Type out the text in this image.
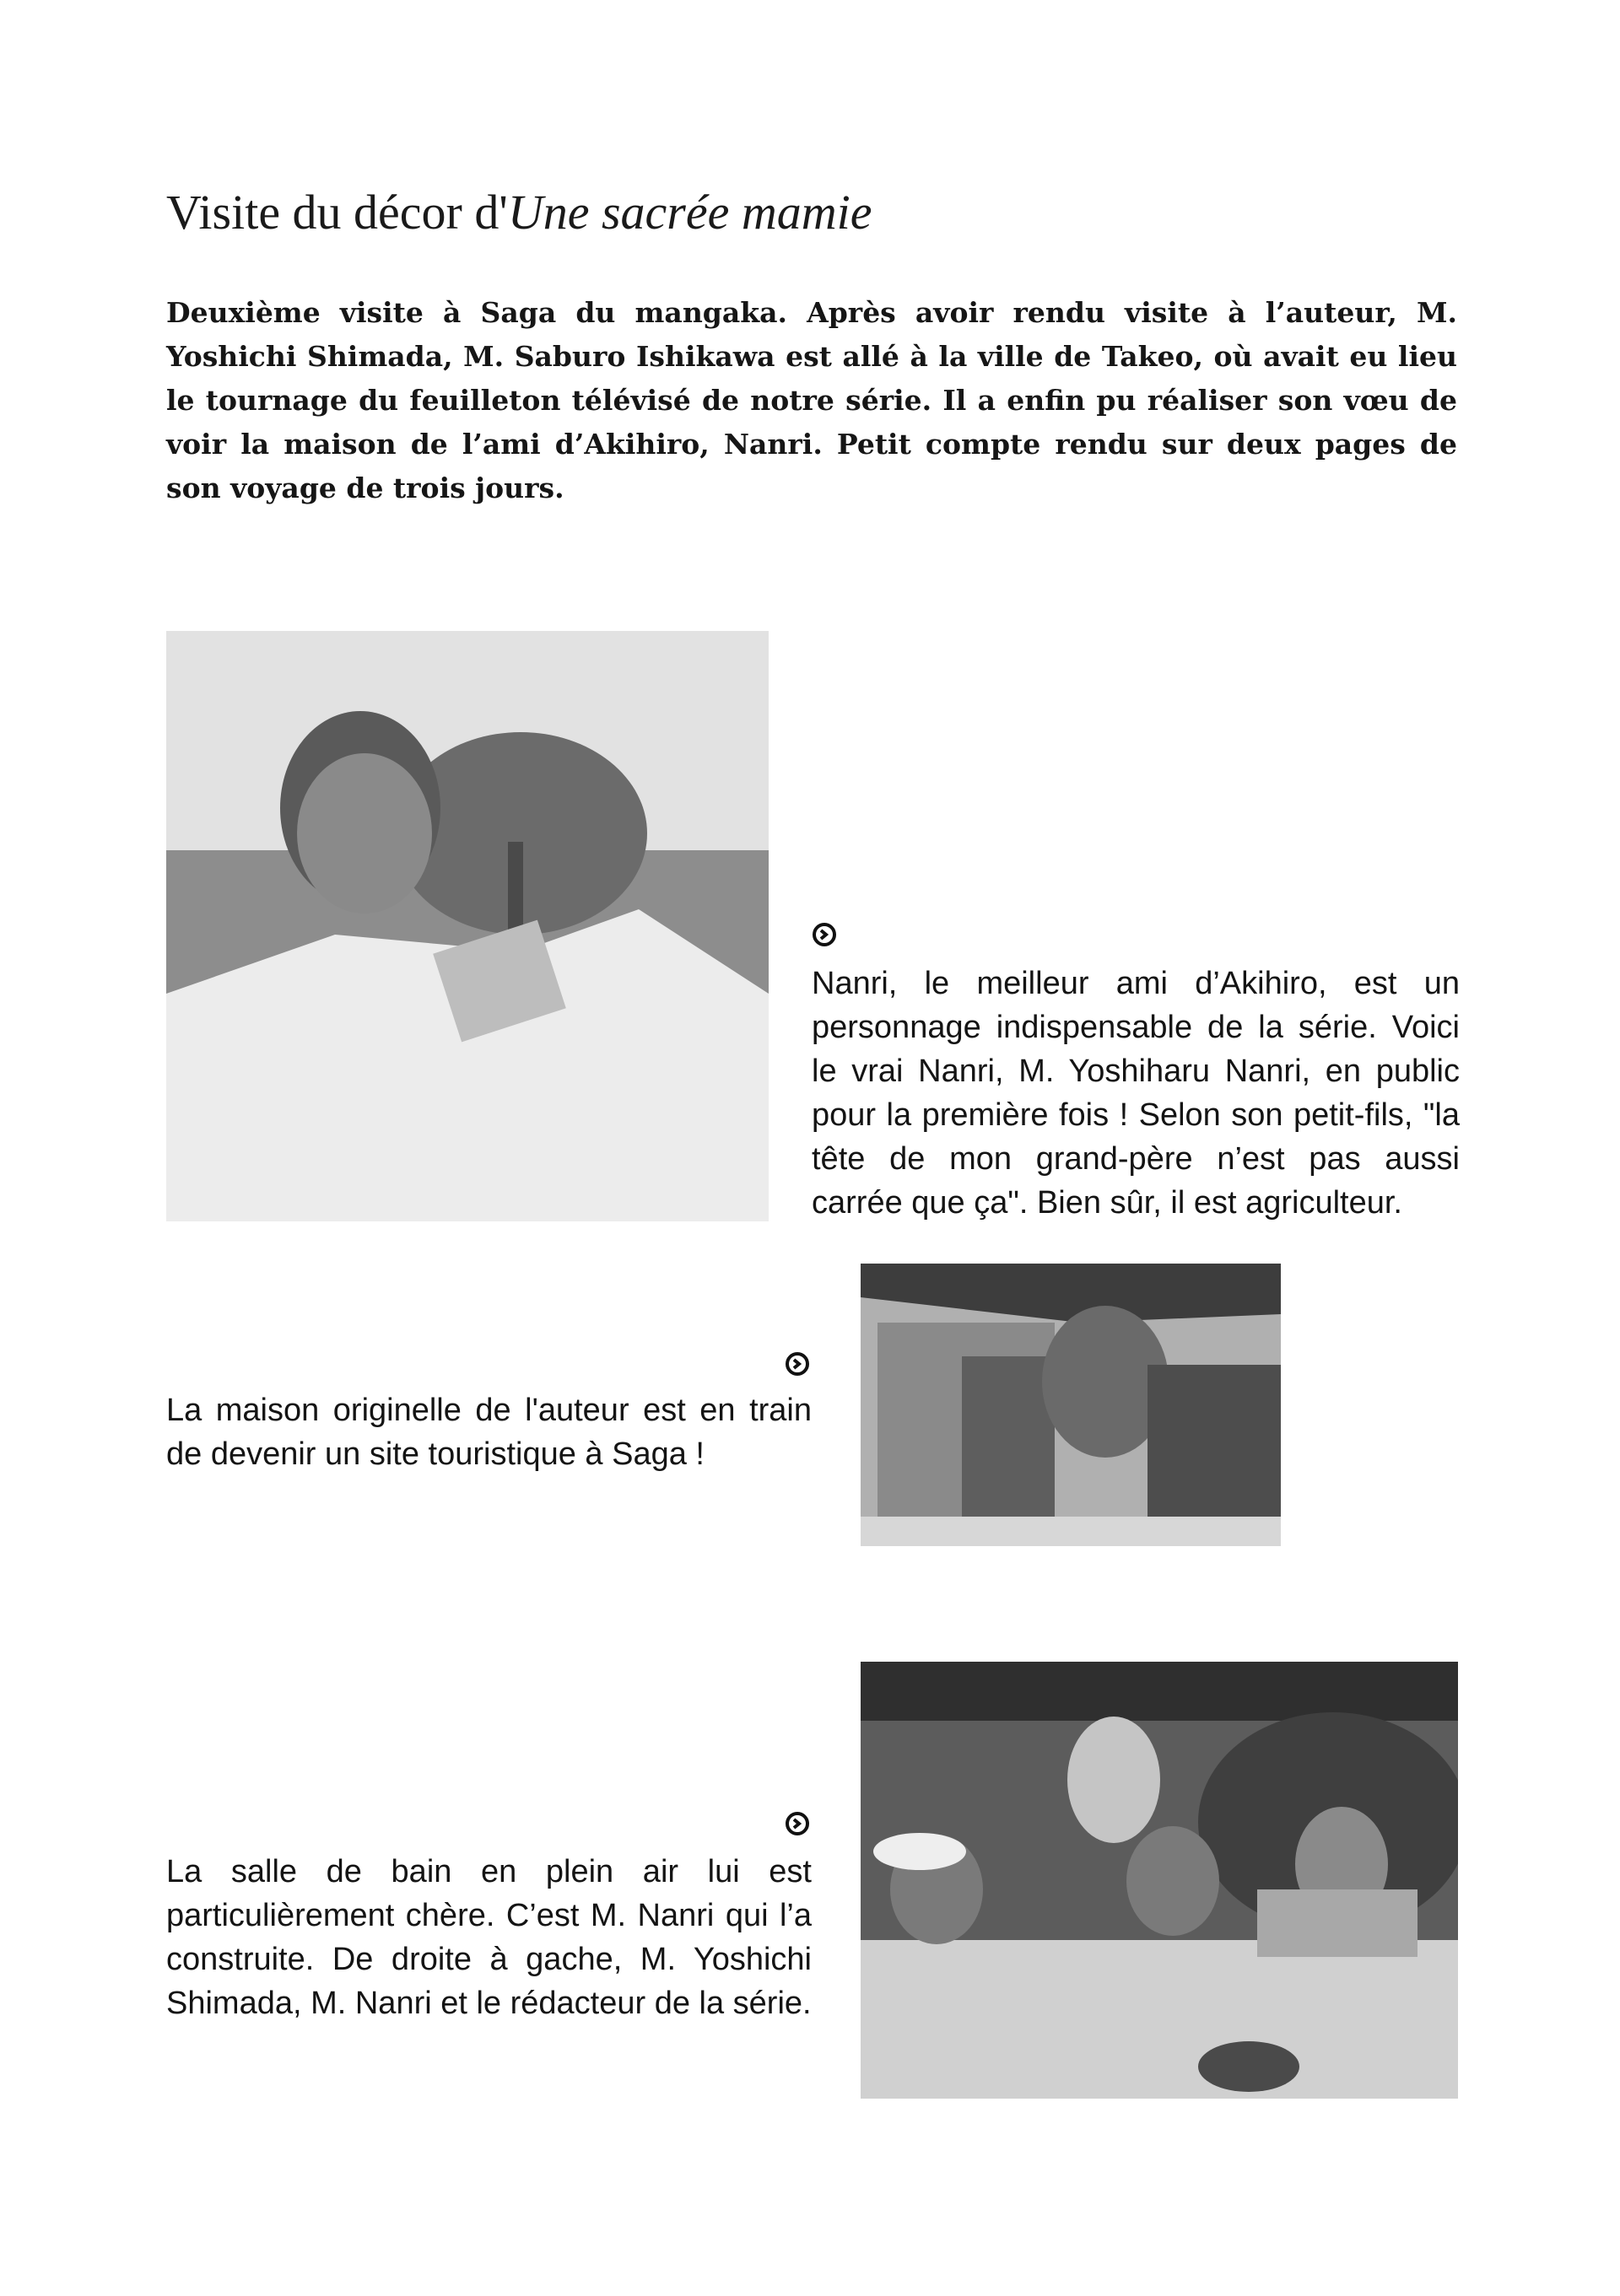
Visite du décor d'Une sacrée mamie
Deuxième visite à Saga du mangaka. Après avoir rendu visite à l’auteur, M. Yoshichi Shimada, M. Saburo Ishikawa est allé à la ville de Takeo, où avait eu lieu le tournage du feuilleton télévisé de notre série. Il a enfin pu réaliser son vœu de voir la maison de l’ami d’Akihiro, Nanri. Petit compte rendu sur deux pages de son voyage de trois jours.
Nanri, le meilleur ami d’Akihiro, est un personnage indispensable de la série. Voici le vrai Nanri, M. Yoshiharu Nanri, en public pour la première fois ! Selon son petit-fils, "la tête de mon grand-père n’est pas aussi carrée que ça". Bien sûr, il est agriculteur.
La maison originelle de l'auteur est en train de devenir un site touristique à Saga !
La salle de bain en plein air lui est particulièrement chère. C’est M. Nanri qui l’a construite. De droite à gache, M. Yoshichi Shimada, M. Nanri et le rédacteur de la série.
